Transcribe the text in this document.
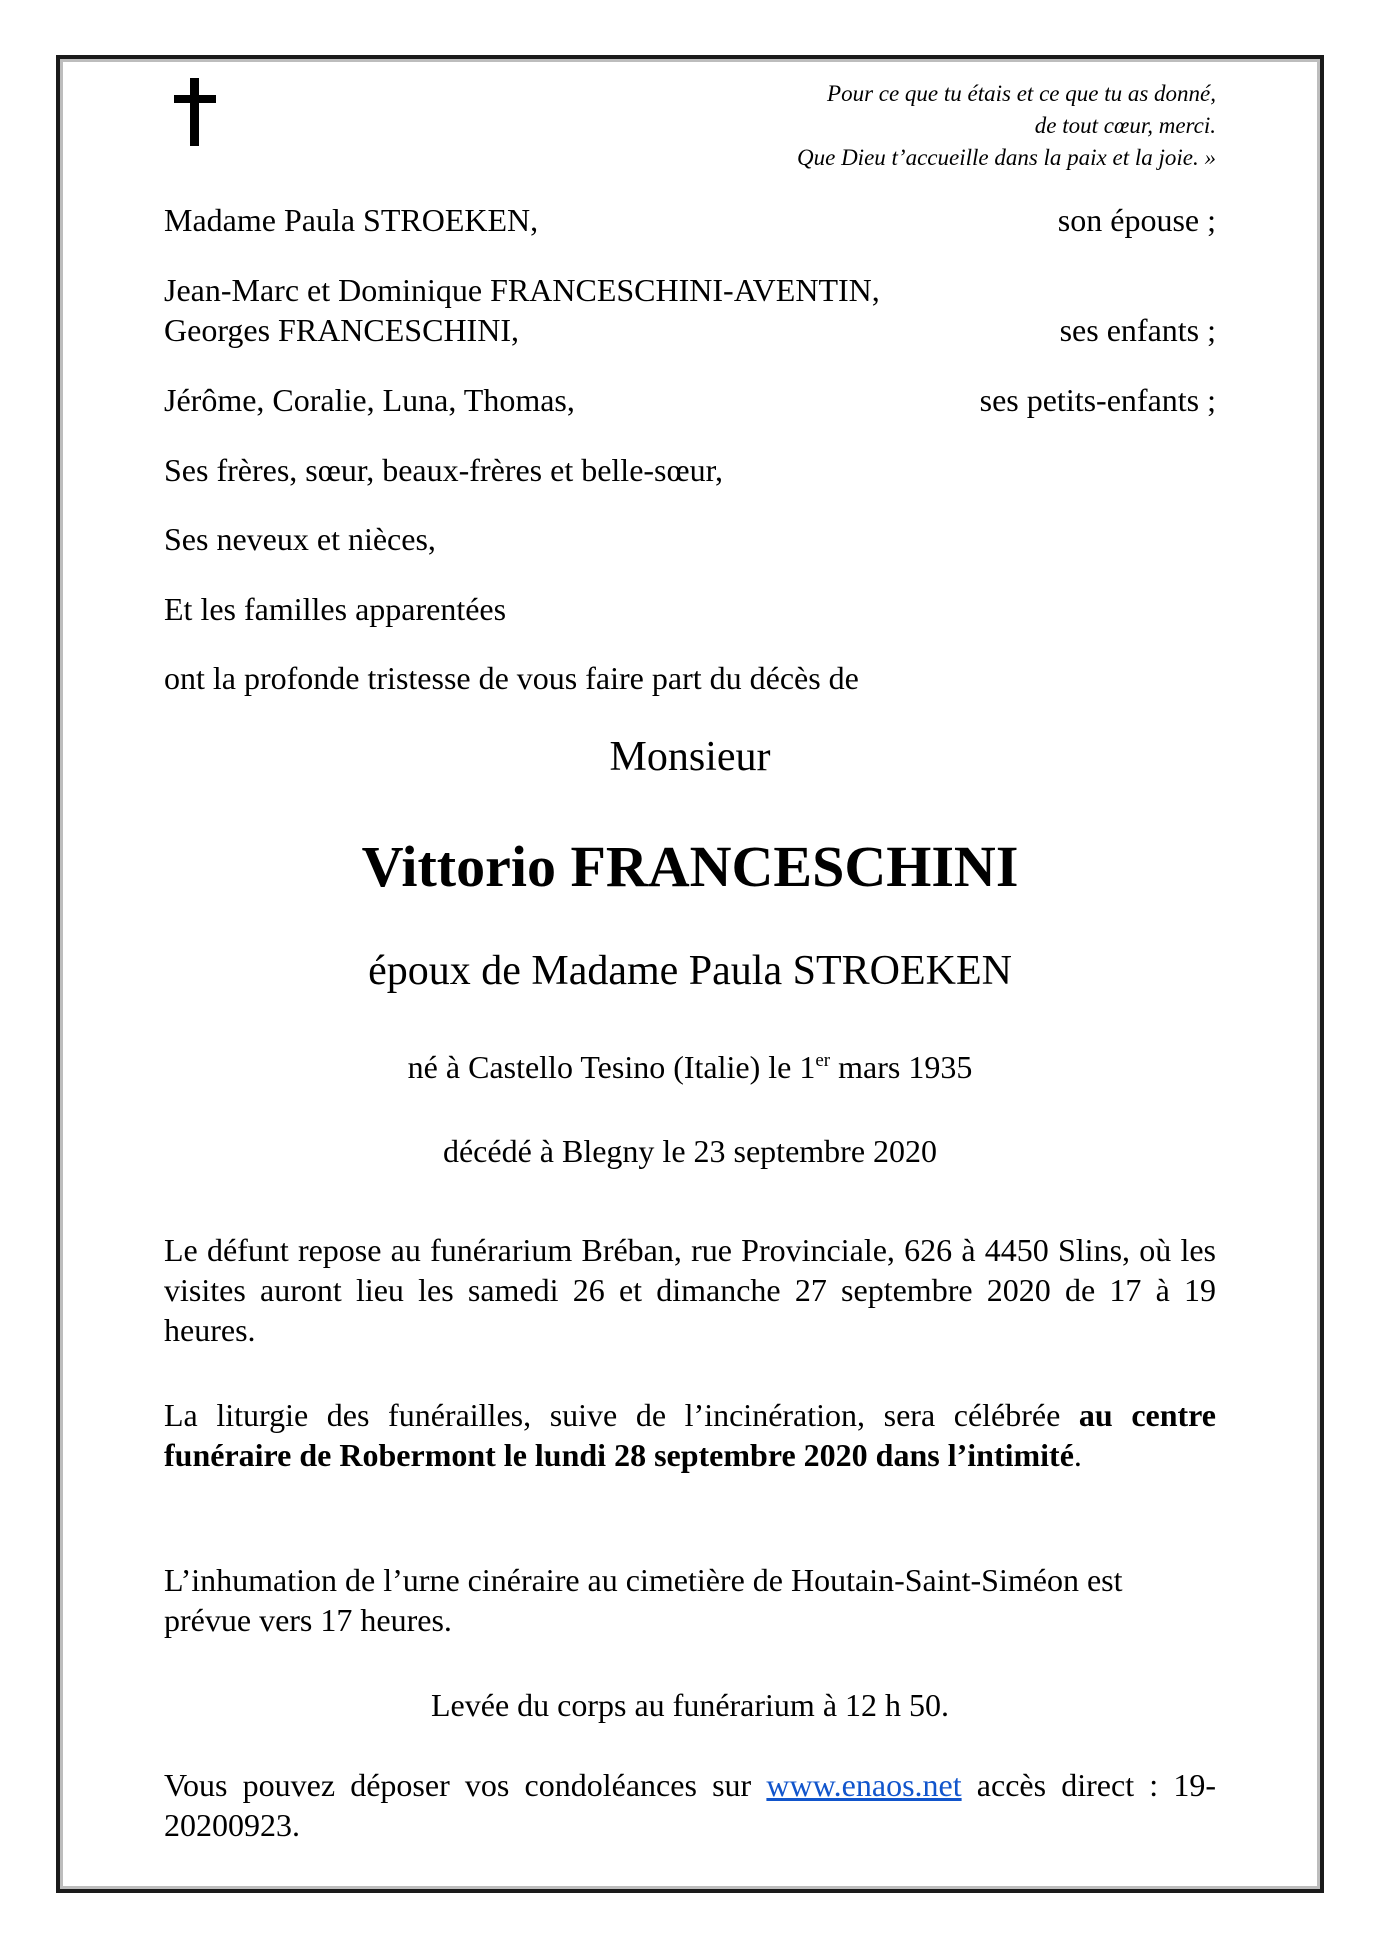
Pour ce que tu étais et ce que tu as donné,
de tout cœur, merci.
Que Dieu t’accueille dans la paix et la joie. »
Madame Paula STROEKEN,	son épouse ;
Jean-Marc et Dominique FRANCESCHINI-AVENTIN,
Georges FRANCESCHINI,	ses enfants ;
Jérôme, Coralie, Luna, Thomas,	ses petits-enfants ;
Ses frères, sœur, beaux-frères et belle-sœur,
Ses neveux et nièces,
Et les familles apparentées
ont la profonde tristesse de vous faire part du décès de
Monsieur
Vittorio FRANCESCHINI
époux de Madame Paula STROEKEN
né à Castello Tesino (Italie) le 1er mars 1935
décédé à Blegny le 23 septembre 2020
Le défunt repose au funérarium Bréban, rue Provinciale, 626 à 4450 Slins, où les visites auront lieu les samedi 26 et dimanche 27 septembre 2020 de 17 à 19 heures.
La liturgie des funérailles, suive de l’incinération, sera célébrée au centre funéraire de Robermont le lundi 28 septembre 2020 dans l’intimité.
L’inhumation de l’urne cinéraire au cimetière de Houtain-Saint-Siméon est prévue vers 17 heures.
Levée du corps au funérarium à 12 h 50.
Vous pouvez déposer vos condoléances sur www.enaos.net accès direct : 19-20200923.
